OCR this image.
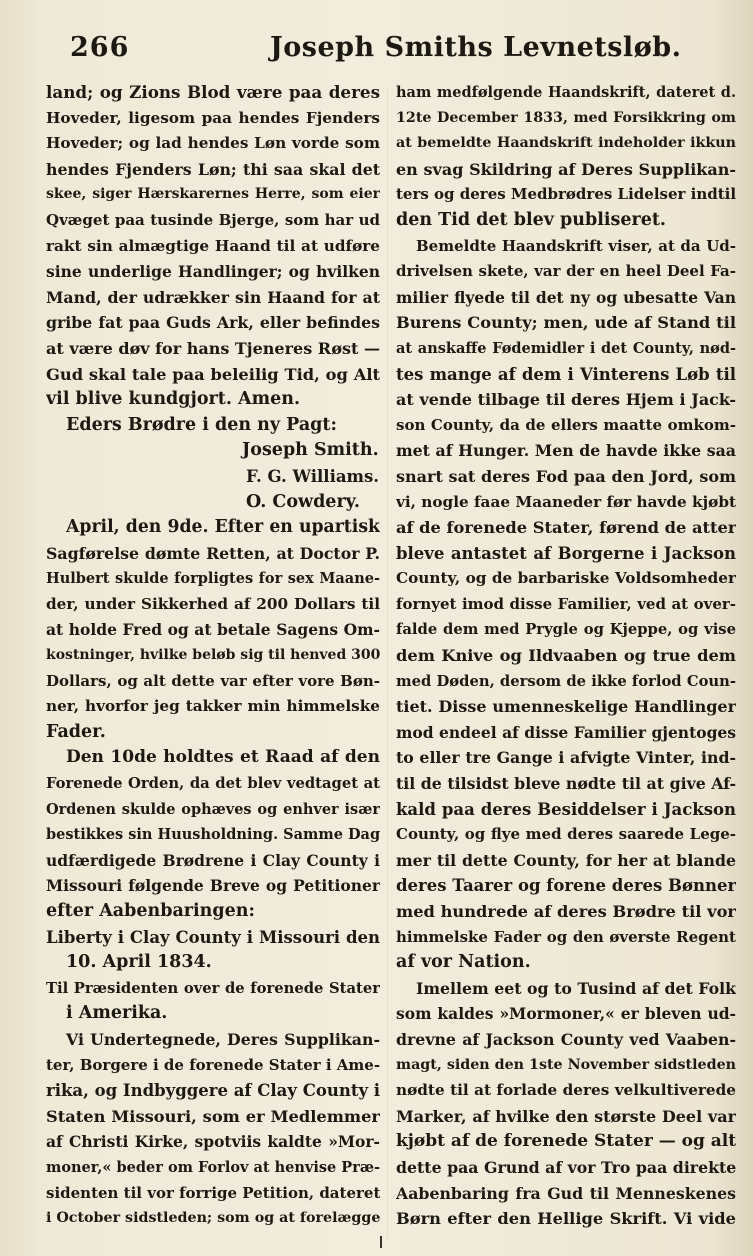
266	Joseph Smiths Levnetsløb.
land; og Zions Blod være paa deres
Hoveder, ligesom paa hendes Fjenders
Hoveder; og lad hendes Løn vorde som
hendes Fjenders Løn; thi saa skal det
skee, siger Hærskarernes Herre, som eier
Qvæget paa tusinde Bjerge, som har ud
rakt sin almægtige Haand til at udføre
sine underlige Handlinger; og hvilken
Mand, der udrækker sin Haand for at
gribe fat paa Guds Ark, eller befindes
at være døv for hans Tjeneres Røst —
Gud skal tale paa beleilig Tid, og Alt
vil blive kundgjort. Amen.
Eders Brødre i den ny Pagt:
Joseph Smith.
F. G. Williams.
O. Cowdery.
April, den 9de. Efter en upartisk
Sagførelse dømte Retten, at Doctor P.
Hulbert skulde forpligtes for sex Maane-
der, under Sikkerhed af 200 Dollars til
at holde Fred og at betale Sagens Om-
kostninger, hvilke beløb sig til henved 300
Dollars, og alt dette var efter vore Bøn-
ner, hvorfor jeg takker min himmelske
Fader.
Den 10de holdtes et Raad af den
Forenede Orden, da det blev vedtaget at
Ordenen skulde ophæves og enhver især
bestikkes sin Huusholdning. Samme Dag
udfærdigede Brødrene i Clay County i
Missouri følgende Breve og Petitioner
efter Aabenbaringen:
Liberty i Clay County i Missouri den
10. April 1834.
Til Præsidenten over de forenede Stater
i Amerika.
Vi Undertegnede, Deres Supplikan-
ter, Borgere i de forenede Stater i Ame-
rika, og Indbyggere af Clay County i
Staten Missouri, som er Medlemmer
af Christi Kirke, spotviis kaldte »Mor-
moner,« beder om Forlov at henvise Præ-
sidenten til vor forrige Petition, dateret
i October sidstleden; som og at forelægge
ham medfølgende Haandskrift, dateret d.
12te December 1833, med Forsikkring om
at bemeldte Haandskrift indeholder ikkun
en svag Skildring af Deres Supplikan-
ters og deres Medbrødres Lidelser indtil
den Tid det blev publiseret.
Bemeldte Haandskrift viser, at da Ud-
drivelsen skete, var der en heel Deel Fa-
milier flyede til det ny og ubesatte Van
Burens County; men, ude af Stand til
at anskaffe Fødemidler i det County, nød-
tes mange af dem i Vinterens Løb til
at vende tilbage til deres Hjem i Jack-
son County, da de ellers maatte omkom-
met af Hunger. Men de havde ikke saa
snart sat deres Fod paa den Jord, som
vi, nogle faae Maaneder før havde kjøbt
af de forenede Stater, førend de atter
bleve antastet af Borgerne i Jackson
County, og de barbariske Voldsomheder
fornyet imod disse Familier, ved at over-
falde dem med Prygle og Kjeppe, og vise
dem Knive og Ildvaaben og true dem
med Døden, dersom de ikke forlod Coun-
tiet. Disse umenneskelige Handlinger
mod endeel af disse Familier gjentoges
to eller tre Gange i afvigte Vinter, ind-
til de tilsidst bleve nødte til at give Af-
kald paa deres Besiddelser i Jackson
County, og flye med deres saarede Lege-
mer til dette County, for her at blande
deres Taarer og forene deres Bønner
med hundrede af deres Brødre til vor
himmelske Fader og den øverste Regent
af vor Nation.
Imellem eet og to Tusind af det Folk
som kaldes »Mormoner,« er bleven ud-
drevne af Jackson County ved Vaaben-
magt, siden den 1ste November sidstleden
nødte til at forlade deres velkultiverede
Marker, af hvilke den største Deel var
kjøbt af de forenede Stater — og alt
dette paa Grund af vor Tro paa direkte
Aabenbaring fra Gud til Menneskenes
Børn efter den Hellige Skrift. Vi vide
